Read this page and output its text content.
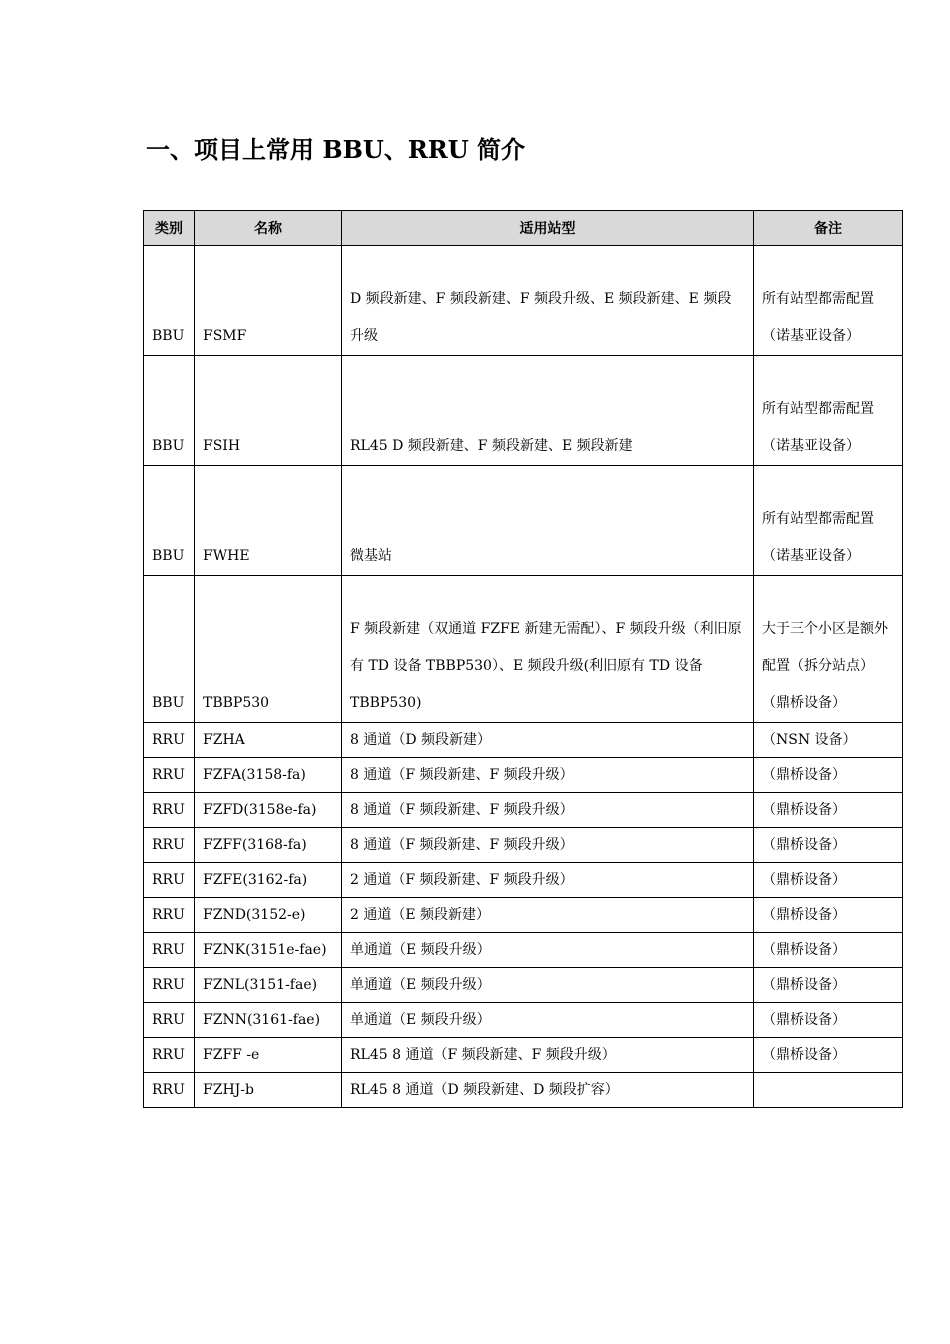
一、项目上常用 BBU、RRU 简介
类别	名称	适用站型	备注
BBU	FSMF	D 频段新建、F 频段新建、F 频段升级、E 频段新建、E 频段升级	所有站型都需配置（诺基亚设备）
BBU	FSIH	RL45 D 频段新建、F 频段新建、E 频段新建	所有站型都需配置（诺基亚设备）
BBU	FWHE	微基站	所有站型都需配置（诺基亚设备）
BBU	TBBP530	F 频段新建（双通道 FZFE 新建无需配）、F 频段升级（利旧原有 TD 设备 TBBP530）、E 频段升级(利旧原有 TD 设备 TBBP530)	大于三个小区是额外配置（拆分站点）（鼎桥设备）
RRU	FZHA	8 通道（D 频段新建）	（NSN 设备）
RRU	FZFA(3158-fa)	8 通道（F 频段新建、F 频段升级）	（鼎桥设备）
RRU	FZFD(3158e-fa)	8 通道（F 频段新建、F 频段升级）	（鼎桥设备）
RRU	FZFF(3168-fa)	8 通道（F 频段新建、F 频段升级）	（鼎桥设备）
RRU	FZFE(3162-fa)	2 通道（F 频段新建、F 频段升级）	（鼎桥设备）
RRU	FZND(3152-e)	2 通道（E 频段新建）	（鼎桥设备）
RRU	FZNK(3151e-fae)	单通道（E 频段升级）	（鼎桥设备）
RRU	FZNL(3151-fae)	单通道（E 频段升级）	（鼎桥设备）
RRU	FZNN(3161-fae)	单通道（E 频段升级）	（鼎桥设备）
RRU	FZFF -e	RL45 8 通道（F 频段新建、F 频段升级）	（鼎桥设备）
RRU	FZHJ-b	RL45 8 通道（D 频段新建、D 频段扩容）	
